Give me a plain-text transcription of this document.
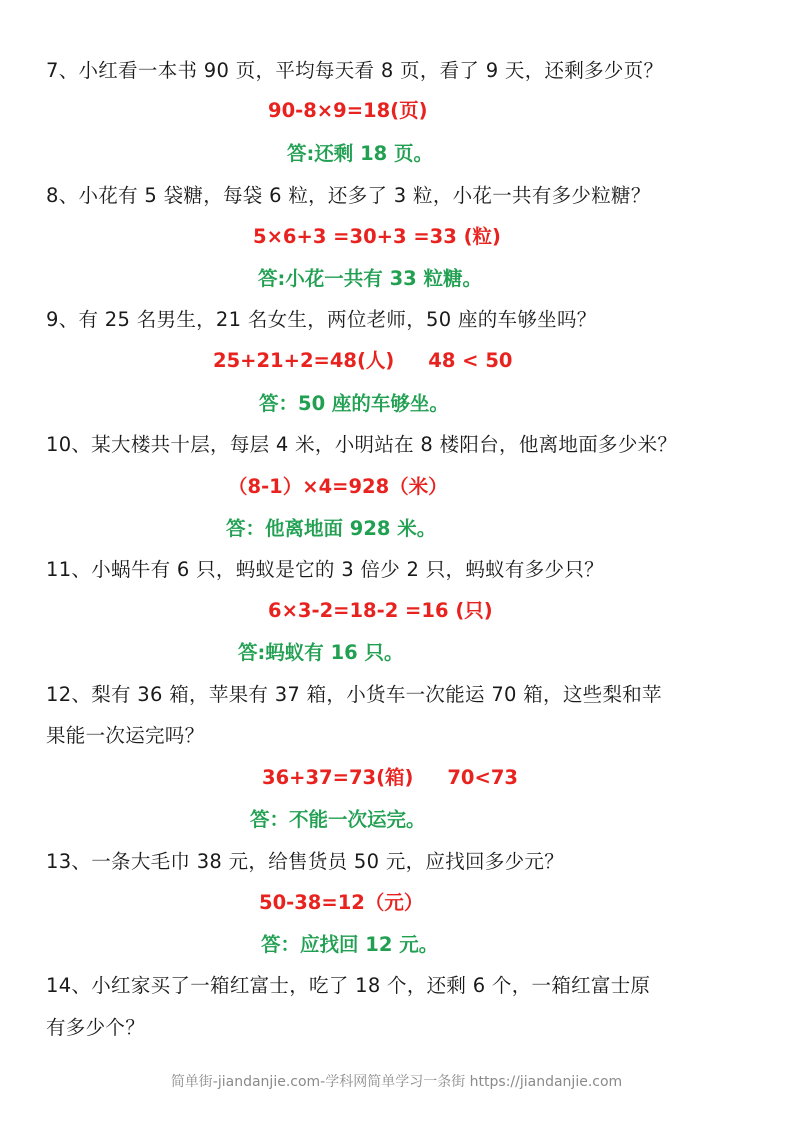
7、小红看一本书 90 页，平均每天看 8 页，看了 9 天，还剩多少页？
90-8×9=18(页)
答:还剩 18 页。
8、小花有 5 袋糖，每袋 6 粒，还多了 3 粒，小花一共有多少粒糖？
5×6+3 =30+3 =33 (粒)
答:小花一共有 33 粒糖。
9、有 25 名男生，21 名女生，两位老师，50 座的车够坐吗？
25+21+2=48(人)     48 < 50
答：50 座的车够坐。
10、某大楼共十层，每层 4 米，小明站在 8 楼阳台，他离地面多少米？
（8-1）×4=928（米）
答：他离地面 928 米。
11、小蜗牛有 6 只，蚂蚁是它的 3 倍少 2 只，蚂蚁有多少只？
6×3-2=18-2 =16 (只)
答:蚂蚁有 16 只。
12、梨有 36 箱，苹果有 37 箱，小货车一次能运 70 箱，这些梨和苹
果能一次运完吗？
36+37=73(箱)     70<73
答：不能一次运完。
13、一条大毛巾 38 元，给售货员 50 元，应找回多少元？
50-38=12（元）
答：应找回 12 元。
14、小红家买了一箱红富士，吃了 18 个，还剩 6 个，一箱红富士原
有多少个？
简单街-jiandanjie.com-学科网简单学习一条街 https://jiandanjie.com
